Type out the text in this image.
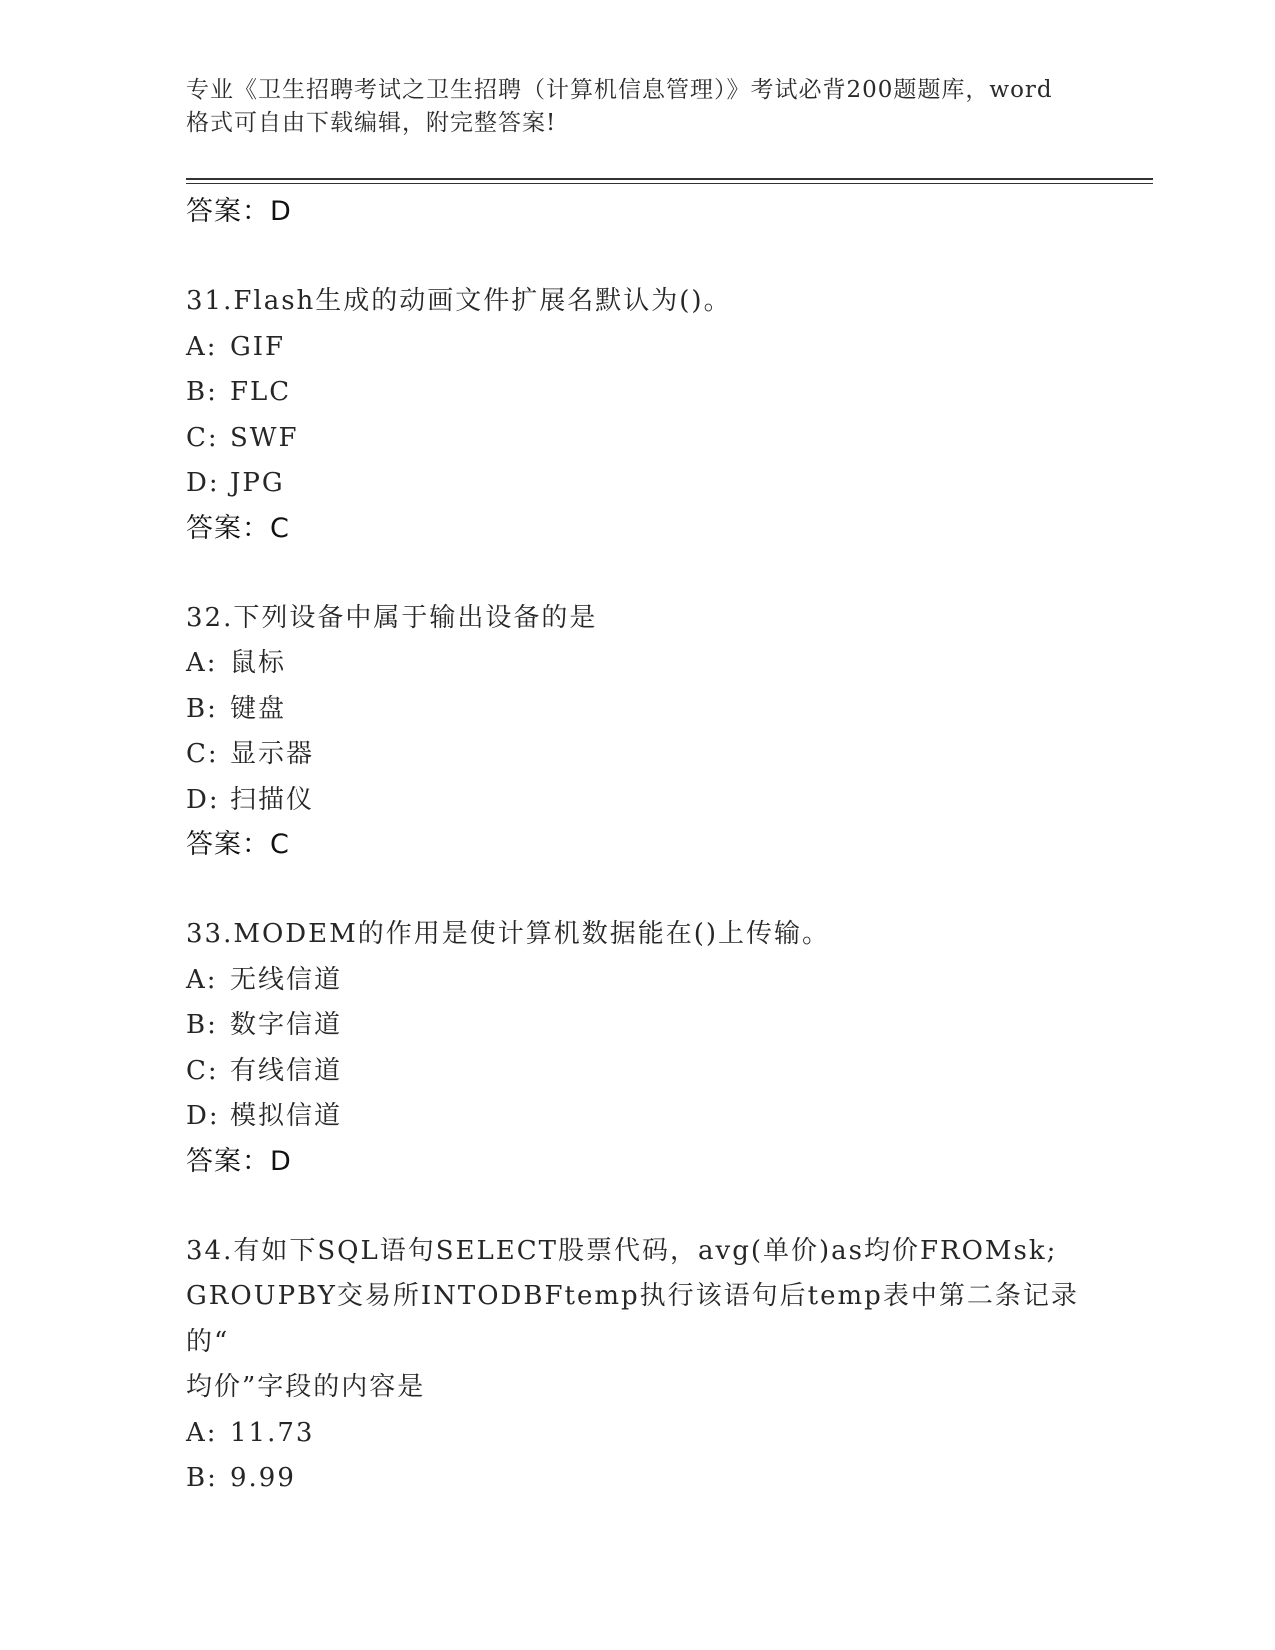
专业《卫生招聘考试之卫生招聘（计算机信息管理）》考试必背200题题库，word
格式可自由下载编辑，附完整答案!
答案：D
31.Flash生成的动画文件扩展名默认为()。
A: GIF
B: FLC
C: SWF
D: JPG
答案：C
32.下列设备中属于输出设备的是
A: 鼠标
B: 键盘
C: 显示器
D: 扫描仪
答案：C
33.MODEM的作用是使计算机数据能在()上传输。
A: 无线信道
B: 数字信道
C: 有线信道
D: 模拟信道
答案：D
34.有如下SQL语句SELECT股票代码，avg(单价)as均价FROMsk;
GROUPBY交易所INTODBFtemp执行该语句后temp表中第二条记录的“
均价”字段的内容是
A: 11.73
B: 9.99
